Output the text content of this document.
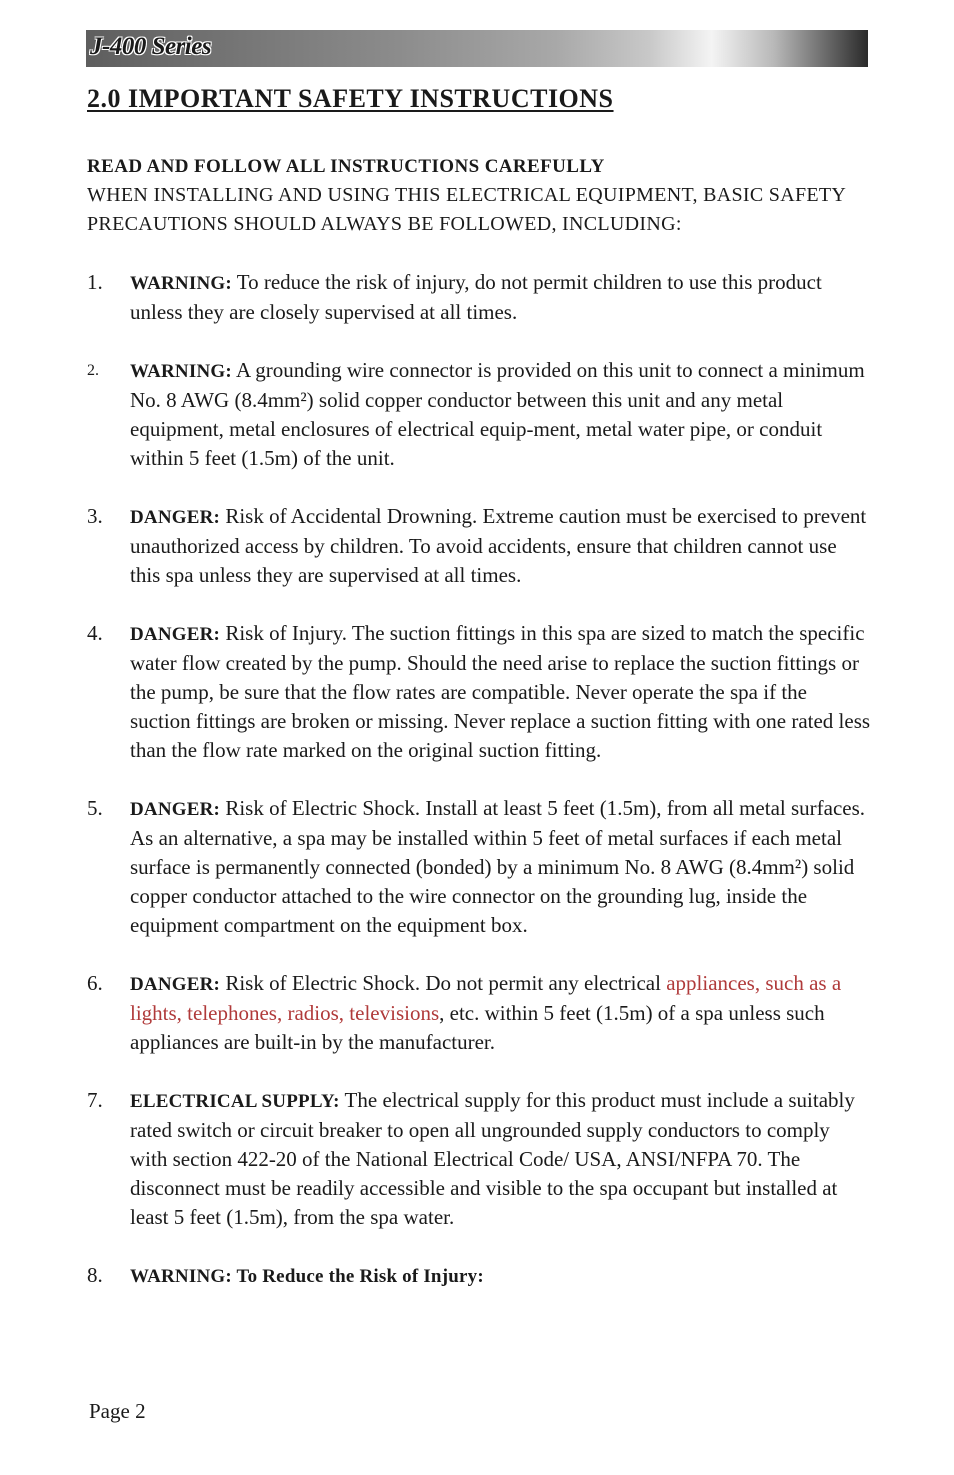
J-400 Series
2.0 IMPORTANT SAFETY INSTRUCTIONS

READ AND FOLLOW ALL INSTRUCTIONS CAREFULLY

WHEN INSTALLING AND USING THIS ELECTRICAL EQUIPMENT, BASIC SAFETY PRECAUTIONS SHOULD ALWAYS BE FOLLOWED, INCLUDING:

1. WARNING: To reduce the risk of injury, do not permit children to use this product unless they are closely supervised at all times.
2. WARNING: A grounding wire connector is provided on this unit to connect a minimum No. 8 AWG (8.4mm²) solid copper conductor between this unit and any metal equipment, metal enclosures of electrical equip-ment, metal water pipe, or conduit within 5 feet (1.5m) of the unit.
3. DANGER: Risk of Accidental Drowning. Extreme caution must be exercised to prevent unauthorized access by children. To avoid accidents, ensure that children cannot use this spa unless they are supervised at all times.
4. DANGER: Risk of Injury. The suction fittings in this spa are sized to match the specific water flow created by the pump. Should the need arise to replace the suction fittings or the pump, be sure that the flow rates are compatible. Never operate the spa if the suction fittings are broken or missing. Never replace a suction fitting with one rated less than the flow rate marked on the original suction fitting.
5. DANGER: Risk of Electric Shock. Install at least 5 feet (1.5m), from all metal surfaces. As an alternative, a spa may be installed within 5 feet of metal surfaces if each metal surface is permanently connected (bonded) by a minimum No. 8 AWG (8.4mm²) solid copper conductor attached to the wire connector on the grounding lug, inside the equipment compartment on the equipment box.
6. DANGER: Risk of Electric Shock. Do not permit any electrical appliances, such as a lights, telephones, radios, televisions, etc. within 5 feet (1.5m) of a spa unless such appliances are built-in by the manufacturer.
7. ELECTRICAL SUPPLY: The electrical supply for this product must include a suitably rated switch or circuit breaker to open all ungrounded supply conductors to comply with section 422-20 of the National Electrical Code/ USA, ANSI/NFPA 70. The disconnect must be readily accessible and visible to the spa occupant but installed at least 5 feet (1.5m), from the spa water.
8. WARNING: To Reduce the Risk of Injury:
Page 2
